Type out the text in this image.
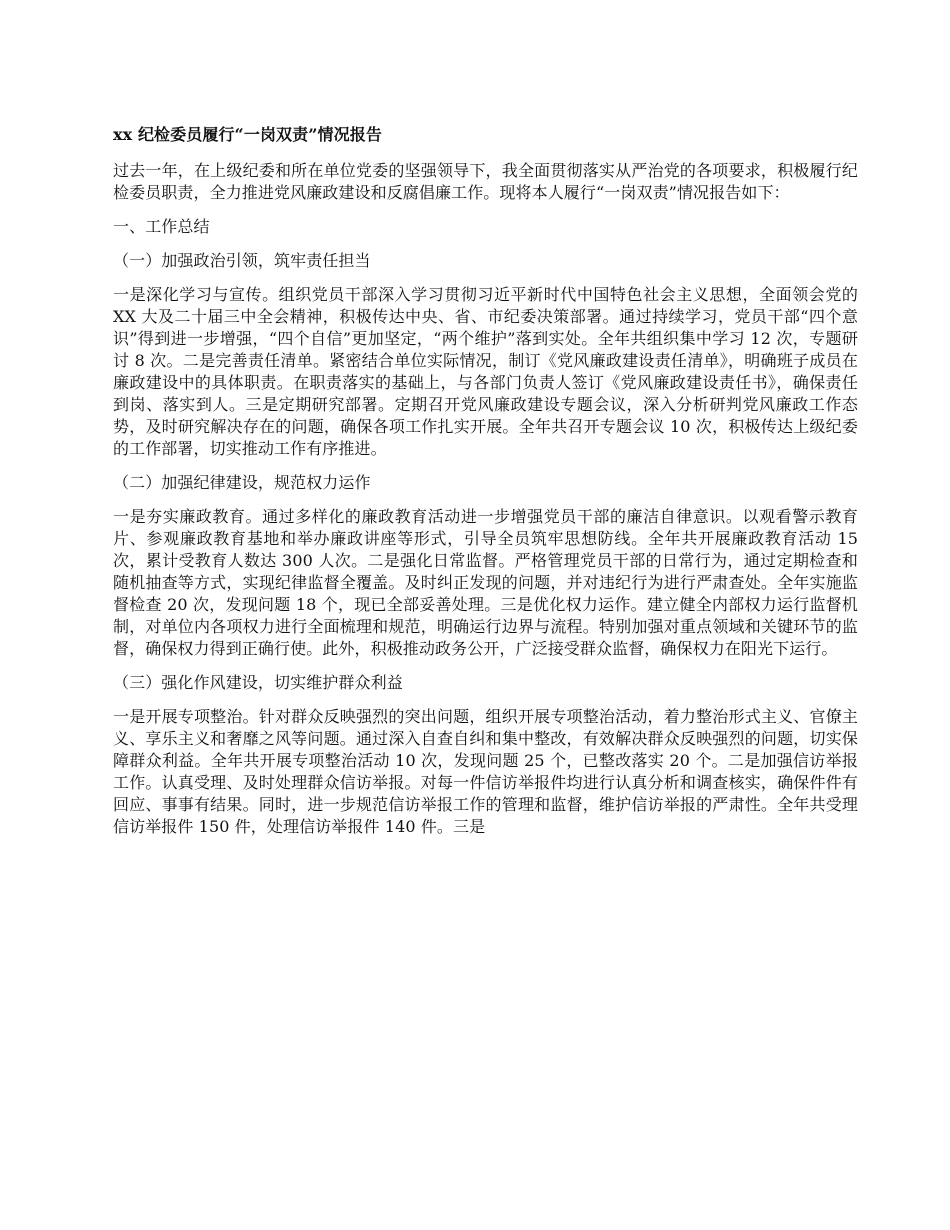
xx 纪检委员履行“一岗双责”情况报告

过去一年，在上级纪委和所在单位党委的坚强领导下，我全面贯彻落实从严治党的各项要求，积极履行纪检委员职责，全力推进党风廉政建设和反腐倡廉工作。现将本人履行“一岗双责”情况报告如下：

一、工作总结

（一）加强政治引领，筑牢责任担当

一是深化学习与宣传。组织党员干部深入学习贯彻习近平新时代中国特色社会主义思想，全面领会党的 XX 大及二十届三中全会精神，积极传达中央、省、市纪委决策部署。通过持续学习，党员干部“四个意识”得到进一步增强，“四个自信”更加坚定，“两个维护”落到实处。全年共组织集中学习 12 次，专题研讨 8 次。二是完善责任清单。紧密结合单位实际情况，制订《党风廉政建设责任清单》，明确班子成员在廉政建设中的具体职责。在职责落实的基础上，与各部门负责人签订《党风廉政建设责任书》，确保责任到岗、落实到人。三是定期研究部署。定期召开党风廉政建设专题会议，深入分析研判党风廉政工作态势，及时研究解决存在的问题，确保各项工作扎实开展。全年共召开专题会议 10 次，积极传达上级纪委的工作部署，切实推动工作有序推进。

（二）加强纪律建设，规范权力运作

一是夯实廉政教育。通过多样化的廉政教育活动进一步增强党员干部的廉洁自律意识。以观看警示教育片、参观廉政教育基地和举办廉政讲座等形式，引导全员筑牢思想防线。全年共开展廉政教育活动 15 次，累计受教育人数达 300 人次。二是强化日常监督。严格管理党员干部的日常行为，通过定期检查和随机抽查等方式，实现纪律监督全覆盖。及时纠正发现的问题，并对违纪行为进行严肃查处。全年实施监督检查 20 次，发现问题 18 个，现已全部妥善处理。三是优化权力运作。建立健全内部权力运行监督机制，对单位内各项权力进行全面梳理和规范，明确运行边界与流程。特别加强对重点领域和关键环节的监督，确保权力得到正确行使。此外，积极推动政务公开，广泛接受群众监督，确保权力在阳光下运行。

（三）强化作风建设，切实维护群众利益

一是开展专项整治。针对群众反映强烈的突出问题，组织开展专项整治活动，着力整治形式主义、官僚主义、享乐主义和奢靡之风等问题。通过深入自查自纠和集中整改，有效解决群众反映强烈的问题，切实保障群众利益。全年共开展专项整治活动 10 次，发现问题 25 个，已整改落实 20 个。二是加强信访举报工作。认真受理、及时处理群众信访举报。对每一件信访举报件均进行认真分析和调查核实，确保件件有回应、事事有结果。同时，进一步规范信访举报工作的管理和监督，维护信访举报的严肃性。全年共受理信访举报件 150 件，处理信访举报件 140 件。三是
